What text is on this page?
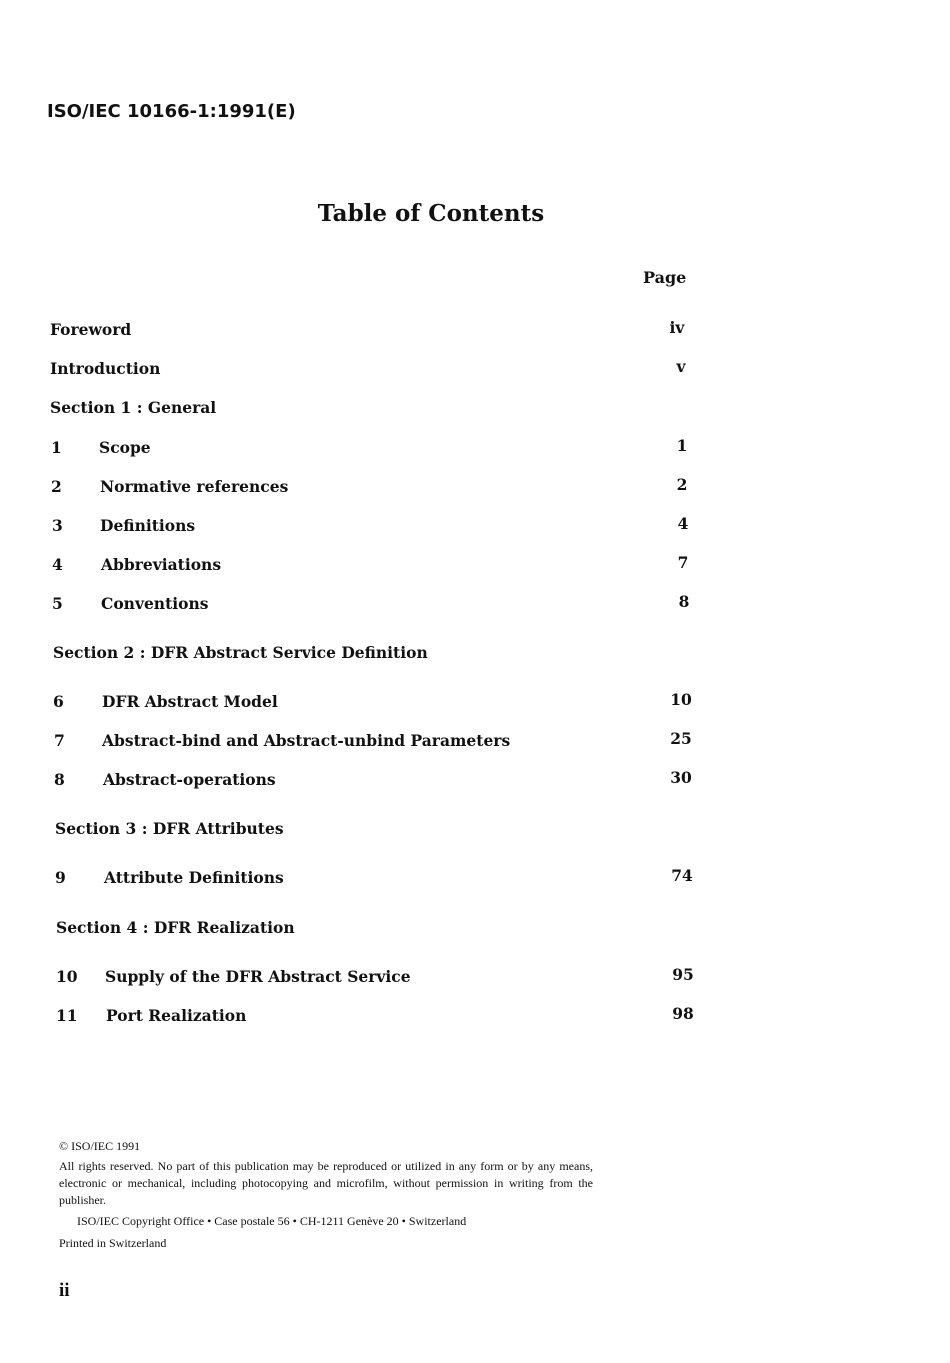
ISO/IEC 10166-1:1991(E)
Table of Contents
Page
Foreword	iv
Introduction	v
Section 1 : General
1 Scope	1
2 Normative references	2
3 Definitions	4
4 Abbreviations	7
5 Conventions	8
Section 2 : DFR Abstract Service Definition
6 DFR Abstract Model	10
7 Abstract-bind and Abstract-unbind Parameters	25
8 Abstract-operations	30
Section 3 : DFR Attributes
9 Attribute Definitions	74
Section 4 : DFR Realization
10 Supply of the DFR Abstract Service	95
11 Port Realization	98

© ISO/IEC 1991

All rights reserved. No part of this publication may be reproduced or utilized in any form or by any means, electronic or mechanical, including photocopying and microfilm, without permission in writing from the publisher.

ISO/IEC Copyright Office • Case postale 56 • CH-1211 Genève 20 • Switzerland

Printed in Switzerland

ii
